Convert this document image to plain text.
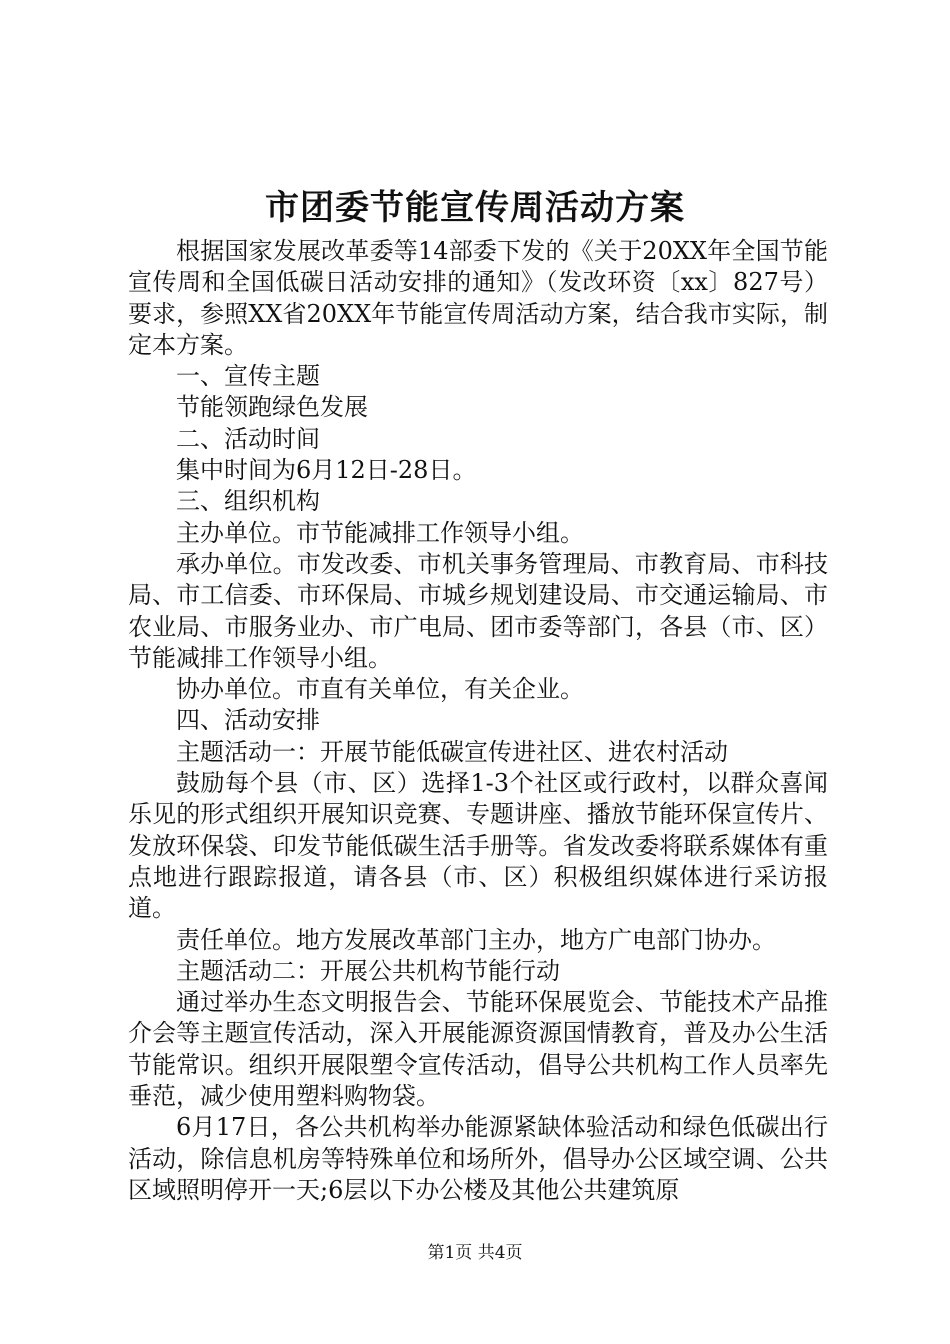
市团委节能宣传周活动方案

根据国家发展改革委等14部委下发的《关于20XX年全国节能宣传周和全国低碳日活动安排的通知》（发改环资〔xx〕827号）要求，参照XX省20XX年节能宣传周活动方案，结合我市实际，制定本方案。

一、宣传主题

节能领跑绿色发展

二、活动时间

集中时间为6月12日-28日。

三、组织机构

主办单位。市节能减排工作领导小组。

承办单位。市发改委、市机关事务管理局、市教育局、市科技局、市工信委、市环保局、市城乡规划建设局、市交通运输局、市农业局、市服务业办、市广电局、团市委等部门，各县（市、区）节能减排工作领导小组。

协办单位。市直有关单位，有关企业。

四、活动安排

主题活动一：开展节能低碳宣传进社区、进农村活动

鼓励每个县（市、区）选择1-3个社区或行政村，以群众喜闻乐见的形式组织开展知识竞赛、专题讲座、播放节能环保宣传片、发放环保袋、印发节能低碳生活手册等。省发改委将联系媒体有重点地进行跟踪报道，请各县（市、区）积极组织媒体进行采访报道。

责任单位。地方发展改革部门主办，地方广电部门协办。

主题活动二：开展公共机构节能行动

通过举办生态文明报告会、节能环保展览会、节能技术产品推介会等主题宣传活动，深入开展能源资源国情教育，普及办公生活节能常识。组织开展限塑令宣传活动，倡导公共机构工作人员率先垂范，减少使用塑料购物袋。

6月17日，各公共机构举办能源紧缺体验活动和绿色低碳出行活动，除信息机房等特殊单位和场所外，倡导办公区域空调、公共区域照明停开一天;6层以下办公楼及其他公共建筑原

第1页 共4页
